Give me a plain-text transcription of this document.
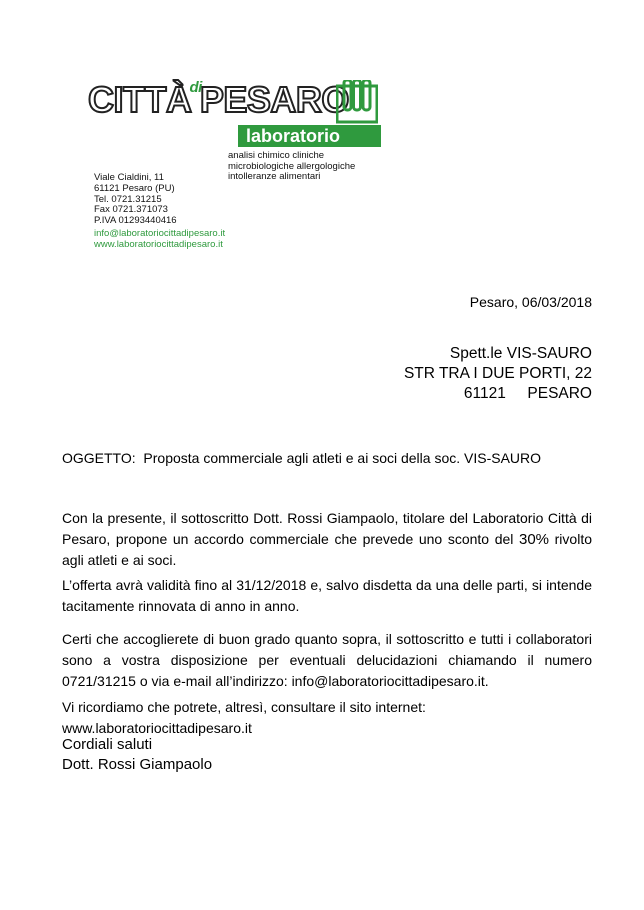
$CITTÀ^{di}PESARO$
laboratorio
analisi chimico cliniche
microbiologiche allergologiche
intolleranze alimentari
Viale Cialdini, 11
61121 Pesaro (PU)
Tel. 0721.31215
Fax 0721.371073
P.IVA 01293440416
info@laboratoriocittadipesaro.it
www.laboratoriocittadipesaro.it
Pesaro, 06/03/2018
Spett.le VIS-SAURO
STR TRA I DUE PORTI, 22
61121     PESARO
OGGETTO: Proposta commerciale agli atleti e ai soci della soc. VIS-SAURO
Con la presente, il sottoscritto Dott. Rossi Giampaolo, titolare del Laboratorio Città di Pesaro, propone un accordo commerciale che prevede uno sconto del 30% rivolto agli atleti e ai soci.
L’offerta avrà validità fino al 31/12/2018 e, salvo disdetta da una delle parti, si intende tacitamente rinnovata di anno in anno.
Certi che accoglierete di buon grado quanto sopra, il sottoscritto e tutti i collaboratori sono a vostra disposizione per eventuali delucidazioni chiamando il numero 0721/31215 o via e-mail all’indirizzo: info@laboratoriocittadipesaro.it.
Vi ricordiamo che potrete, altresì, consultare il sito internet: www.laboratoriocittadipesaro.it
Cordiali saluti
Dott. Rossi Giampaolo
